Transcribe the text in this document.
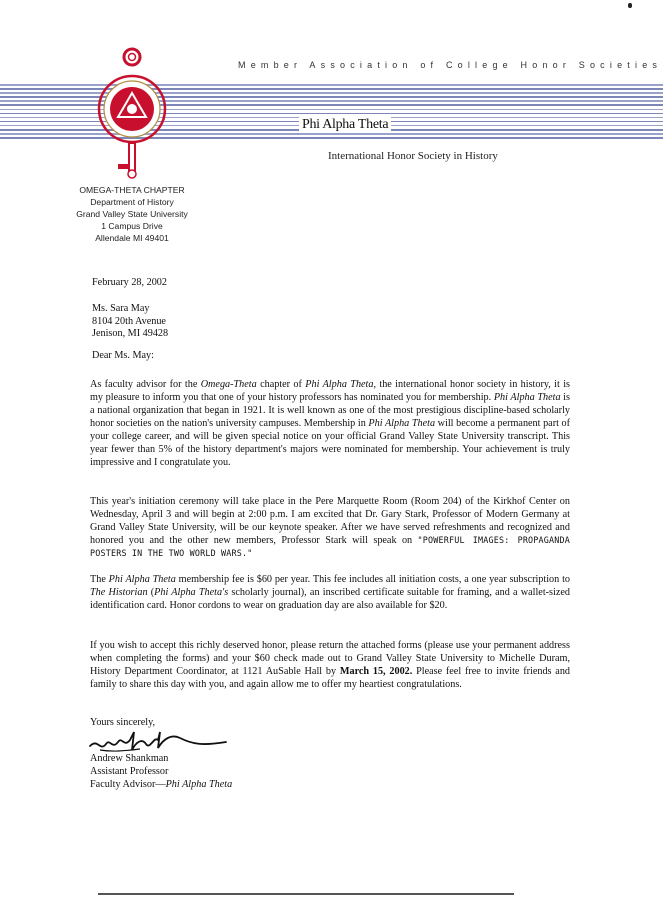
Member Association of College Honor Societies
Phi Alpha Theta
International Honor Society in History
OMEGA-THETA CHAPTER
Department of History
Grand Valley State University
1 Campus Drive
Allendale MI 49401
February 28, 2002
Ms. Sara May
8104 20th Avenue
Jenison, MI 49428
Dear Ms. May:
As faculty advisor for the Omega-Theta chapter of Phi Alpha Theta, the international honor society in history, it is my pleasure to inform you that one of your history professors has nominated you for membership. Phi Alpha Theta is a national organization that began in 1921. It is well known as one of the most prestigious discipline-based scholarly honor societies on the nation's university campuses. Membership in Phi Alpha Theta will become a permanent part of your college career, and will be given special notice on your official Grand Valley State University transcript. This year fewer than 5% of the history department's majors were nominated for membership. Your achievement is truly impressive and I congratulate you.
This year's initiation ceremony will take place in the Pere Marquette Room (Room 204) of the Kirkhof Center on Wednesday, April 3 and will begin at 2:00 p.m. I am excited that Dr. Gary Stark, Professor of Modern Germany at Grand Valley State University, will be our keynote speaker. After we have served refreshments and recognized and honored you and the other new members, Professor Stark will speak on "POWERFUL IMAGES: PROPAGANDA POSTERS IN THE TWO WORLD WARS."
The Phi Alpha Theta membership fee is $60 per year. This fee includes all initiation costs, a one year subscription to The Historian (Phi Alpha Theta's scholarly journal), an inscribed certificate suitable for framing, and a wallet-sized identification card. Honor cordons to wear on graduation day are also available for $20.
If you wish to accept this richly deserved honor, please return the attached forms (please use your permanent address when completing the forms) and your $60 check made out to Grand Valley State University to Michelle Duram, History Department Coordinator, at 1121 AuSable Hall by March 15, 2002. Please feel free to invite friends and family to share this day with you, and again allow me to offer my heartiest congratulations.
Yours sincerely,
Andrew Shankman
Assistant Professor
Faculty Advisor—Phi Alpha Theta
